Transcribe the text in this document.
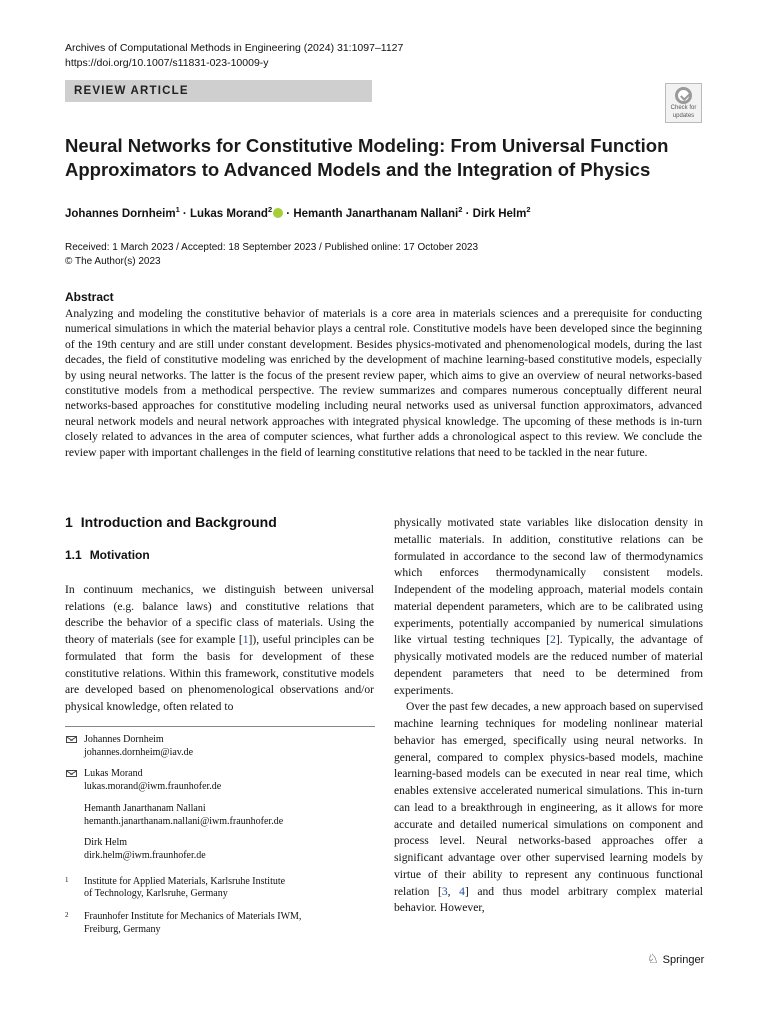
Archives of Computational Methods in Engineering (2024) 31:1097–1127
https://doi.org/10.1007/s11831-023-10009-y
REVIEW ARTICLE
Check for
updates
Neural Networks for Constitutive Modeling: From Universal Function Approximators to Advanced Models and the Integration of Physics
Johannes Dornheim$^1$ · Lukas Morand$^2$ · Hemanth Janarthanam Nallani$^2$ · Dirk Helm$^2$
Received: 1 March 2023 / Accepted: 18 September 2023 / Published online: 17 October 2023
© The Author(s) 2023
Abstract

Analyzing and modeling the constitutive behavior of materials is a core area in materials sciences and a prerequisite for conducting numerical simulations in which the material behavior plays a central role. Constitutive models have been developed since the beginning of the 19th century and are still under constant development. Besides physics-motivated and phenomenological models, during the last decades, the field of constitutive modeling was enriched by the development of machine learning-based constitutive models, especially by using neural networks. The latter is the focus of the present review paper, which aims to give an overview of neural networks-based constitutive models from a methodical perspective. The review summarizes and compares numerous conceptually different neural networks-based approaches for constitutive modeling including neural networks used as universal function approximators, advanced neural network models and neural network approaches with integrated physical knowledge. The upcoming of these methods is in-turn closely related to advances in the area of computer sciences, what further adds a chronological aspect to this review. We conclude the review paper with important challenges in the field of learning constitutive relations that need to be tackled in the near future.

1 Introduction and Background
1.1 Motivation

In continuum mechanics, we distinguish between universal relations (e.g. balance laws) and constitutive relations that describe the behavior of a specific class of materials. Using the theory of materials (see for example [1]), useful principles can be formulated that form the basis for development of these constitutive relations. Within this framework, constitutive models are developed based on phenomenological observations and/or physical knowledge, often related to

Johannes Dornheim
johannes.dornheim@iav.de
Lukas Morand
lukas.morand@iwm.fraunhofer.de
Hemanth Janarthanam Nallani
hemanth.janarthanam.nallani@iwm.fraunhofer.de
Dirk Helm
dirk.helm@iwm.fraunhofer.de
1 Institute for Applied Materials, Karlsruhe Institute
of Technology, Karlsruhe, Germany
2 Fraunhofer Institute for Mechanics of Materials IWM,
Freiburg, Germany

physically motivated state variables like dislocation density in metallic materials. In addition, constitutive relations can be formulated in accordance to the second law of thermodynamics which enforces thermodynamically consistent models. Independent of the modeling approach, material models contain material dependent parameters, which are to be calibrated using experiments, potentially accompanied by numerical simulations like virtual testing techniques [2]. Typically, the advantage of physically motivated models are the reduced number of material dependent parameters that need to be determined from experiments.

Over the past few decades, a new approach based on supervised machine learning techniques for modeling nonlinear material behavior has emerged, specifically using neural networks. In general, compared to complex physics-based models, machine learning-based models can be executed in near real time, which enables extensive accelerated numerical simulations. This in-turn can lead to a breakthrough in engineering, as it allows for more accurate and detailed numerical simulations on component and process level. Neural networks-based approaches offer a significant advantage over other supervised learning models by virtue of their ability to represent any continuous functional relation [3, 4] and thus model arbitrary complex material behavior. However,

♘ Springer
